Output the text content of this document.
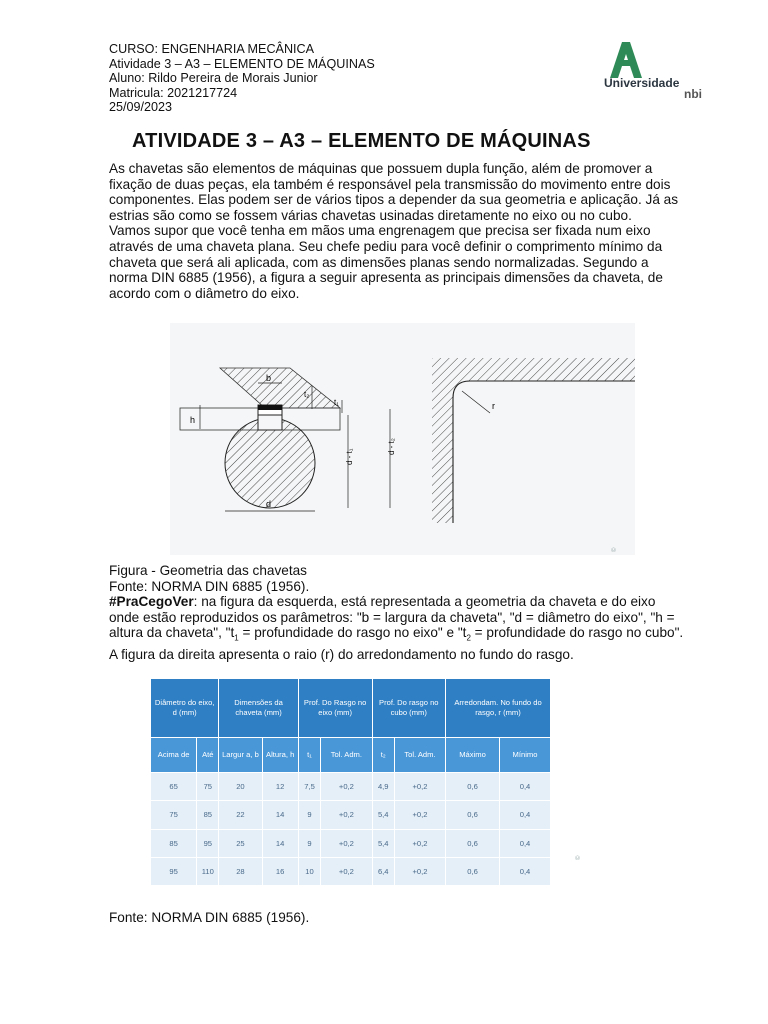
CURSO: ENGENHARIA MECÂNICA
Atividade 3 – A3 – ELEMENTO DE MÁQUINAS
Aluno: Rildo Pereira de Morais Junior
Matricula: 2021217724
25/09/2023
Universidade
nbi
ATIVIDADE 3 – A3 – ELEMENTO DE MÁQUINAS

As chavetas são elementos de máquinas que possuem dupla função, além de promover a fixação de duas peças, ela também é responsável pela transmissão do movimento entre dois componentes. Elas podem ser de vários tipos a depender da sua geometria e aplicação. Já as estrias são como se fossem várias chavetas usinadas diretamente no eixo ou no cubo.

Vamos supor que você tenha em mãos uma engrenagem que precisa ser fixada num eixo através de uma chaveta plana. Seu chefe pediu para você definir o comprimento mínimo da chaveta que será ali aplicada, com as dimensões planas sendo normalizadas. Segundo a norma DIN 6885 (1956), a figura a seguir apresenta as principais dimensões da chaveta, de acordo com o diâmetro do eixo.

b
h
t₂
t₁
d - t₁
d - t₂
d
r

Figura - Geometria das chavetas

Fonte: NORMA DIN 6885 (1956).

#PraCegoVer: na figura da esquerda, está representada a geometria da chaveta e do eixo onde estão reproduzidos os parâmetros: "b = largura da chaveta", "d = diâmetro do eixo", "h = altura da chaveta", "$t_1$ = profundidade do rasgo no eixo" e "$t_2$ = profundidade do rasgo no cubo". A figura da direita apresenta o raio (r) do arredondamento no fundo do rasgo.

Diâmetro do eixo, d (mm)		Dimensões da chaveta (mm)		Prof. Do Rasgo no eixo (mm)		Prof. Do rasgo no cubo (mm)		Arredondam. No fundo do rasgo, r (mm)	
Acima de	Até	Largur a, b	Altura, h	t₁	Tol. Adm.	t₂	Tol. Adm.	Máximo	Mínimo
65	75	20	12	7,5	+0,2	4,9	+0,2	0,6	0,4
75	85	22	14	9	+0,2	5,4	+0,2	0,6	0,4
85	95	25	14	9	+0,2	5,4	+0,2	0,6	0,4
95	110	28	16	10	+0,2	6,4	+0,2	0,6	0,4
©
©
Fonte: NORMA DIN 6885 (1956).
